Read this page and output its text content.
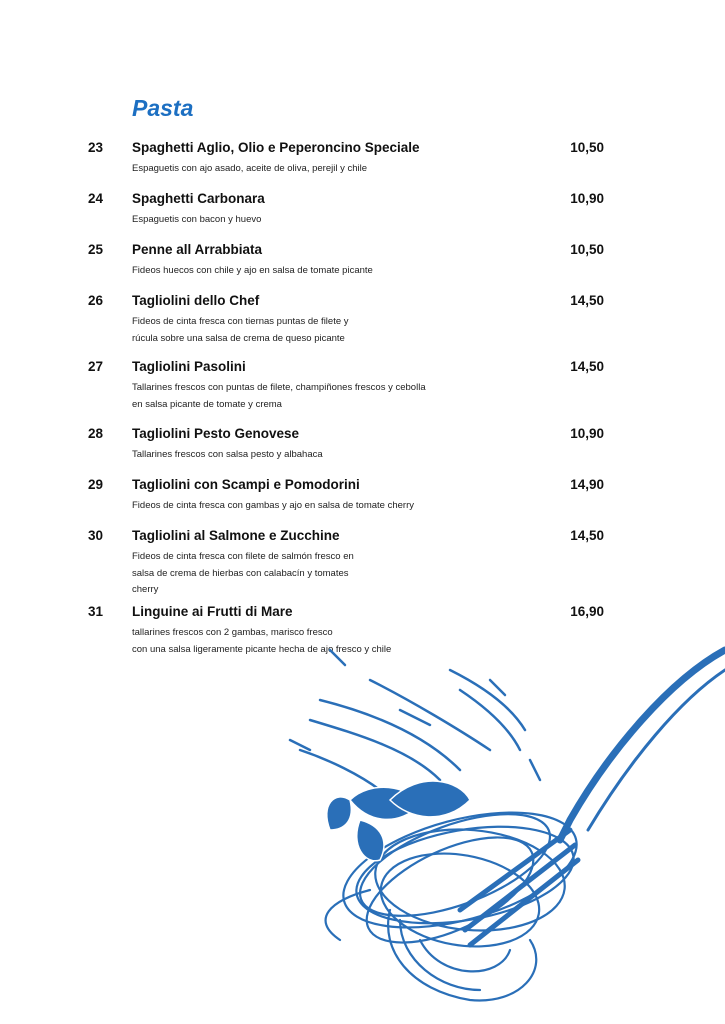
Pasta
23 Spaghetti Aglio, Olio e Peperoncino Speciale	10,50
Espaguetis con ajo asado, aceite de oliva, perejil y chile
24 Spaghetti Carbonara	10,90
Espaguetis con bacon y huevo
25 Penne all Arrabbiata	10,50
Fideos huecos con chile y ajo en salsa de tomate picante
26 Tagliolini dello Chef	14,50
Fideos de cinta fresca con tiernas puntas de filete y
rúcula sobre una salsa de crema de queso picante
27 Tagliolini Pasolini	14,50
Tallarines frescos con puntas de filete, champiñones frescos y cebolla
en salsa picante de tomate y crema
28 Tagliolini Pesto Genovese	10,90
Tallarines frescos con salsa pesto y albahaca
29 Tagliolini con Scampi e Pomodorini	14,90
Fideos de cinta fresca con gambas y ajo en salsa de tomate cherry
30 Tagliolini al Salmone e Zucchine	14,50
Fideos de cinta fresca con filete de salmón fresco en
salsa de crema de hierbas con calabacín y tomates
cherry
31 Linguine ai Frutti di Mare	16,90
tallarines frescos con 2 gambas, marisco fresco
con una salsa ligeramente picante hecha de ajo fresco y chile
